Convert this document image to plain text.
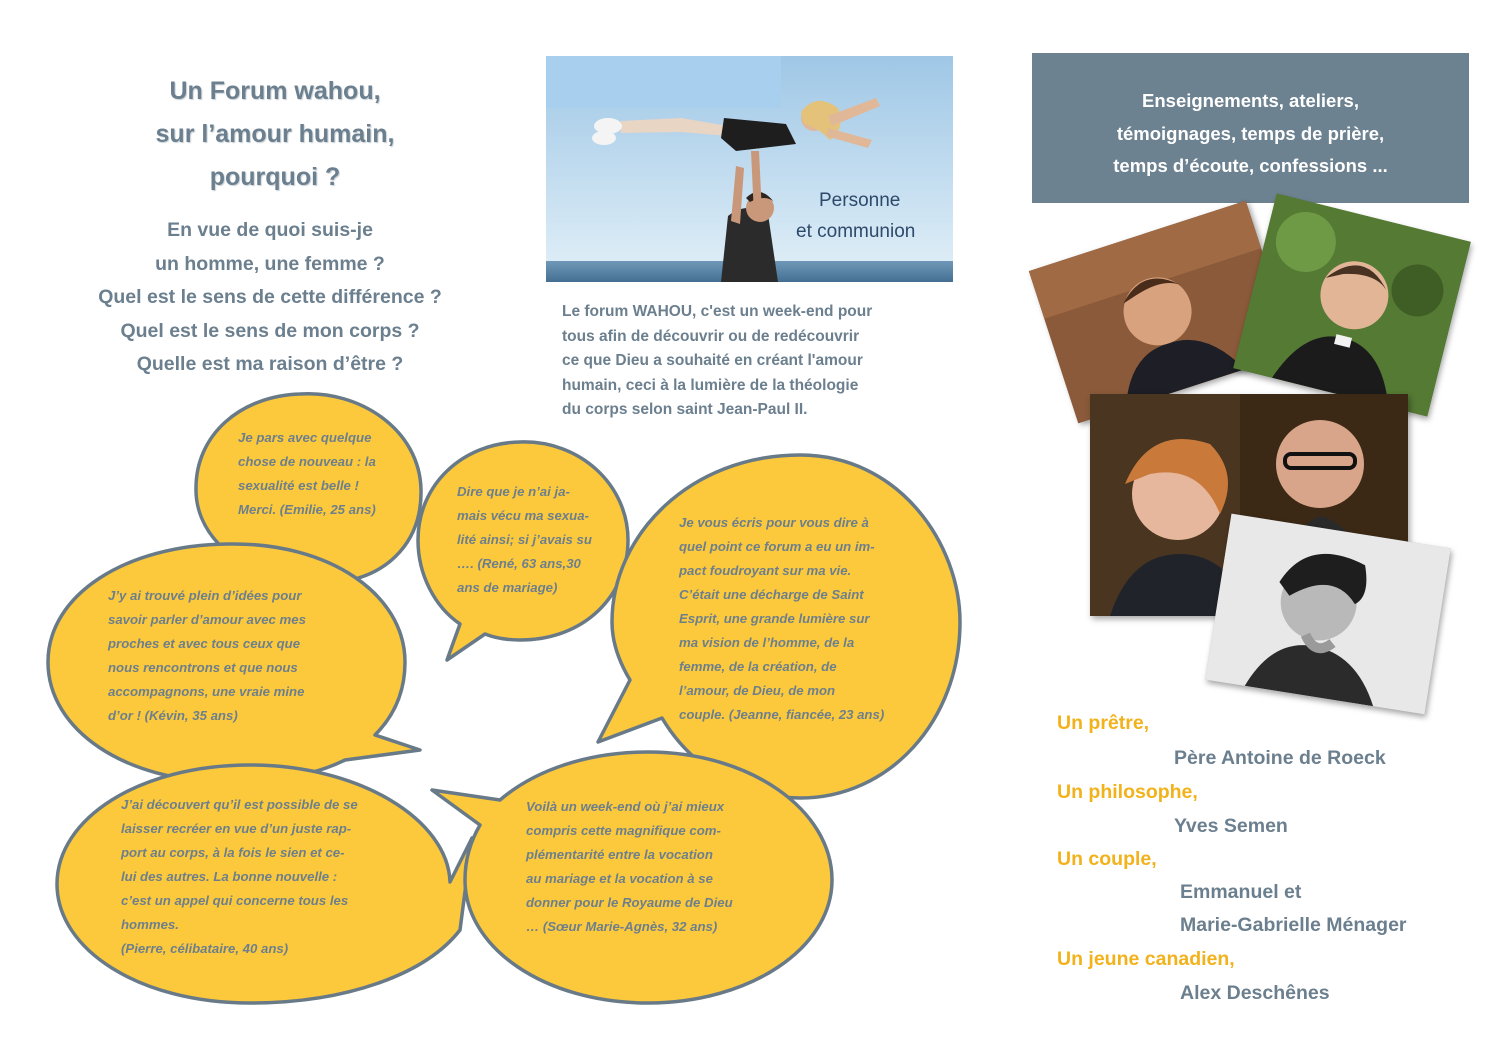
Un Forum wahou,
sur l’amour humain,
pourquoi ?
En vue de quoi suis-je
un homme, une femme ?
Quel est le sens de cette différence ?
Quel est le sens de mon corps ?
Quelle est ma raison d’être ?
Personne
et communion
Le forum WAHOU, c'est un week-end pour
tous afin de découvrir ou de redécouvrir
ce que Dieu a souhaité en créant l'amour
humain, ceci à la lumière de la théologie
du corps selon saint Jean-Paul II.
Enseignements, ateliers,
témoignages, temps de prière,
temps d’écoute, confessions ...
Je pars avec quelque
chose de nouveau : la
sexualité est belle !
Merci. (Emilie, 25 ans)
Dire que je n’ai ja-
mais vécu ma sexua-
lité ainsi; si j’avais su
…. (René, 63 ans,30
ans de mariage)
Je vous écris pour vous dire à
quel point ce forum a eu un im-
pact foudroyant sur ma vie.
C’était une décharge de Saint
Esprit, une grande lumière sur
ma vision de l’homme, de la
femme, de la création, de
l’amour, de Dieu, de mon
couple. (Jeanne, fiancée, 23 ans)
J’y ai trouvé plein d’idées pour
savoir parler d’amour avec mes
proches et avec tous ceux que
nous rencontrons et que nous
accompagnons, une vraie mine
d’or ! (Kévin, 35 ans)
J’ai découvert qu’il est possible de se
laisser recréer en vue d’un juste rap-
port au corps, à la fois le sien et ce-
lui des autres. La bonne nouvelle :
c’est un appel qui concerne tous les
hommes.
(Pierre, célibataire, 40 ans)
Voilà un week-end où j’ai mieux
compris cette magnifique com-
plémentarité entre la vocation
au mariage et la vocation à se
donner pour le Royaume de Dieu
… (Sœur Marie-Agnès, 32 ans)
Un prêtre,
Père Antoine de Roeck
Un philosophe,
Yves Semen
Un couple,
Emmanuel et
Marie-Gabrielle Ménager
Un jeune canadien,
Alex Deschênes
